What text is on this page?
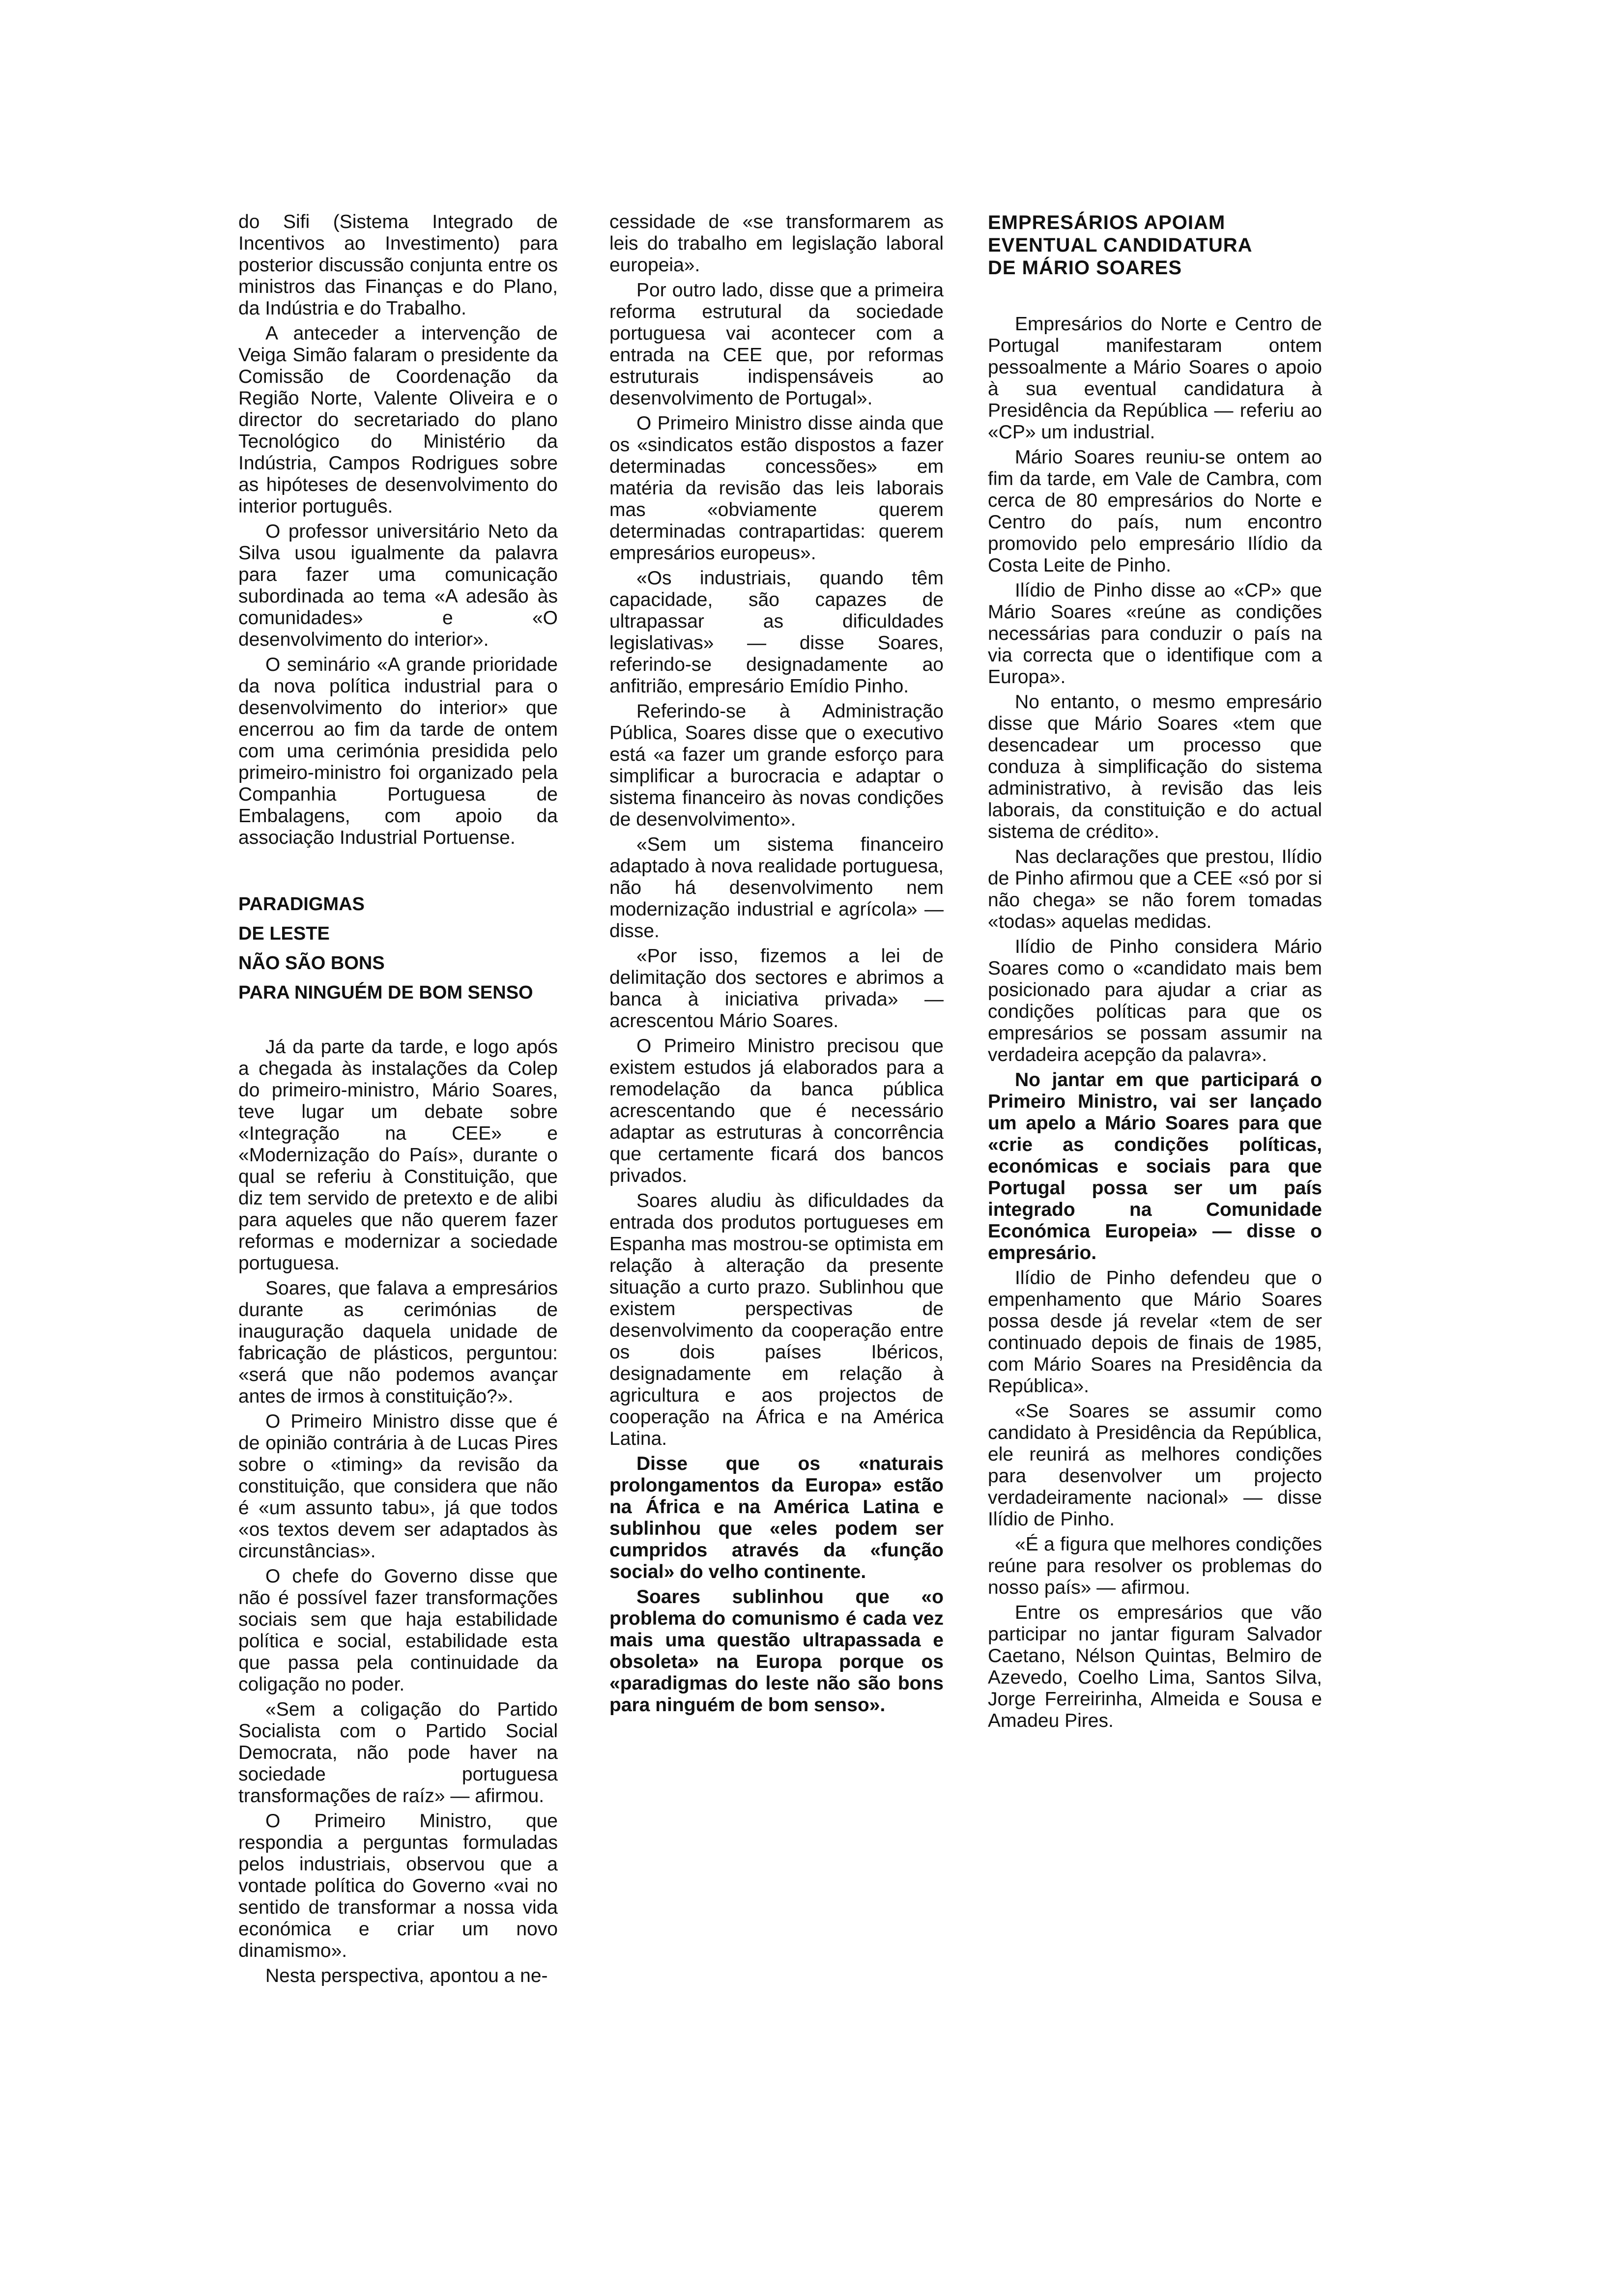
do Sifi (Sistema Integrado de Incentivos ao Investimento) para posterior discussão conjunta entre os ministros das Finanças e do Plano, da Indústria e do Trabalho.

A anteceder a intervenção de Veiga Simão falaram o presidente da Comissão de Coordenação da Região Norte, Valente Oliveira e o director do secretariado do plano Tecnológico do Ministério da Indústria, Campos Rodrigues sobre as hipóteses de desenvolvimento do interior português.

O professor universitário Neto da Silva usou igualmente da palavra para fazer uma comunicação subordinada ao tema «A adesão às comunidades» e «O desenvolvimento do interior».

O seminário «A grande prioridade da nova política industrial para o desenvolvimento do interior» que encerrou ao fim da tarde de ontem com uma cerimónia presidida pelo primeiro-ministro foi organizado pela Companhia Portuguesa de Embalagens, com apoio da associação Industrial Portuense.

PARADIGMAS
DE LESTE
NÃO SÃO BONS
PARA NINGUÉM DE BOM SENSO

Já da parte da tarde, e logo após a chegada às instalações da Colep do primeiro-ministro, Mário Soares, teve lugar um debate sobre «Integração na CEE» e «Modernização do País», durante o qual se referiu à Constituição, que diz tem servido de pretexto e de alibi para aqueles que não querem fazer reformas e modernizar a sociedade portuguesa.

Soares, que falava a empresários durante as cerimónias de inauguração daquela unidade de fabricação de plásticos, perguntou: «será que não podemos avançar antes de irmos à constituição?».

O Primeiro Ministro disse que é de opinião contrária à de Lucas Pires sobre o «timing» da revisão da constituição, que considera que não é «um assunto tabu», já que todos «os textos devem ser adaptados às circunstâncias».

O chefe do Governo disse que não é possível fazer transformações sociais sem que haja estabilidade política e social, estabilidade esta que passa pela continuidade da coligação no poder.

«Sem a coligação do Partido Socialista com o Partido Social Democrata, não pode haver na sociedade portuguesa transformações de raíz» — afirmou.

O Primeiro Ministro, que respondia a perguntas formuladas pelos industriais, observou que a vontade política do Governo «vai no sentido de transformar a nossa vida económica e criar um novo dinamismo».

Nesta perspectiva, apontou a ne-

cessidade de «se transformarem as leis do trabalho em legislação laboral europeia».

Por outro lado, disse que a primeira reforma estrutural da sociedade portuguesa vai acontecer com a entrada na CEE que, por reformas estruturais indispensáveis ao desenvolvimento de Portugal».

O Primeiro Ministro disse ainda que os «sindicatos estão dispostos a fazer determinadas concessões» em matéria da revisão das leis laborais mas «obviamente querem determinadas contrapartidas: querem empresários europeus».

«Os industriais, quando têm capacidade, são capazes de ultrapassar as dificuldades legislativas» — disse Soares, referindo-se designadamente ao anfitrião, empresário Emídio Pinho.

Referindo-se à Administração Pública, Soares disse que o executivo está «a fazer um grande esforço para simplificar a burocracia e adaptar o sistema financeiro às novas condições de desenvolvimento».

«Sem um sistema financeiro adaptado à nova realidade portuguesa, não há desenvolvimento nem modernização industrial e agrícola» — disse.

«Por isso, fizemos a lei de delimitação dos sectores e abrimos a banca à iniciativa privada» — acrescentou Mário Soares.

O Primeiro Ministro precisou que existem estudos já elaborados para a remodelação da banca pública acrescentando que é necessário adaptar as estruturas à concorrência que certamente ficará dos bancos privados.

Soares aludiu às dificuldades da entrada dos produtos portugueses em Espanha mas mostrou-se optimista em relação à alteração da presente situação a curto prazo. Sublinhou que existem perspectivas de desenvolvimento da cooperação entre os dois países Ibéricos, designadamente em relação à agricultura e aos projectos de cooperação na África e na América Latina.

Disse que os «naturais prolongamentos da Europa» estão na África e na América Latina e sublinhou que «eles podem ser cumpridos através da «função social» do velho continente.

Soares sublinhou que «o problema do comunismo é cada vez mais uma questão ultrapassada e obsoleta» na Europa porque os «paradigmas do leste não são bons para ninguém de bom senso».

EMPRESÁRIOS APOIAM
EVENTUAL CANDIDATURA
DE MÁRIO SOARES

Empresários do Norte e Centro de Portugal manifestaram ontem pessoalmente a Mário Soares o apoio à sua eventual candidatura à Presidência da República — referiu ao «CP» um industrial.

Mário Soares reuniu-se ontem ao fim da tarde, em Vale de Cambra, com cerca de 80 empresários do Norte e Centro do país, num encontro promovido pelo empresário Ilídio da Costa Leite de Pinho.

Ilídio de Pinho disse ao «CP» que Mário Soares «reúne as condições necessárias para conduzir o país na via correcta que o identifique com a Europa».

No entanto, o mesmo empresário disse que Mário Soares «tem que desencadear um processo que conduza à simplificação do sistema administrativo, à revisão das leis laborais, da constituição e do actual sistema de crédito».

Nas declarações que prestou, Ilídio de Pinho afirmou que a CEE «só por si não chega» se não forem tomadas «todas» aquelas medidas.

Ilídio de Pinho considera Mário Soares como o «candidato mais bem posicionado para ajudar a criar as condições políticas para que os empresários se possam assumir na verdadeira acepção da palavra».

No jantar em que participará o Primeiro Ministro, vai ser lançado um apelo a Mário Soares para que «crie as condições políticas, económicas e sociais para que Portugal possa ser um país integrado na Comunidade Económica Europeia» — disse o empresário.

Ilídio de Pinho defendeu que o empenhamento que Mário Soares possa desde já revelar «tem de ser continuado depois de finais de 1985, com Mário Soares na Presidência da República».

«Se Soares se assumir como candidato à Presidência da República, ele reunirá as melhores condições para desenvolver um projecto verdadeiramente nacional» — disse Ilídio de Pinho.

«É a figura que melhores condições reúne para resolver os problemas do nosso país» — afirmou.

Entre os empresários que vão participar no jantar figuram Salvador Caetano, Nélson Quintas, Belmiro de Azevedo, Coelho Lima, Santos Silva, Jorge Ferreirinha, Almeida e Sousa e Amadeu Pires.
